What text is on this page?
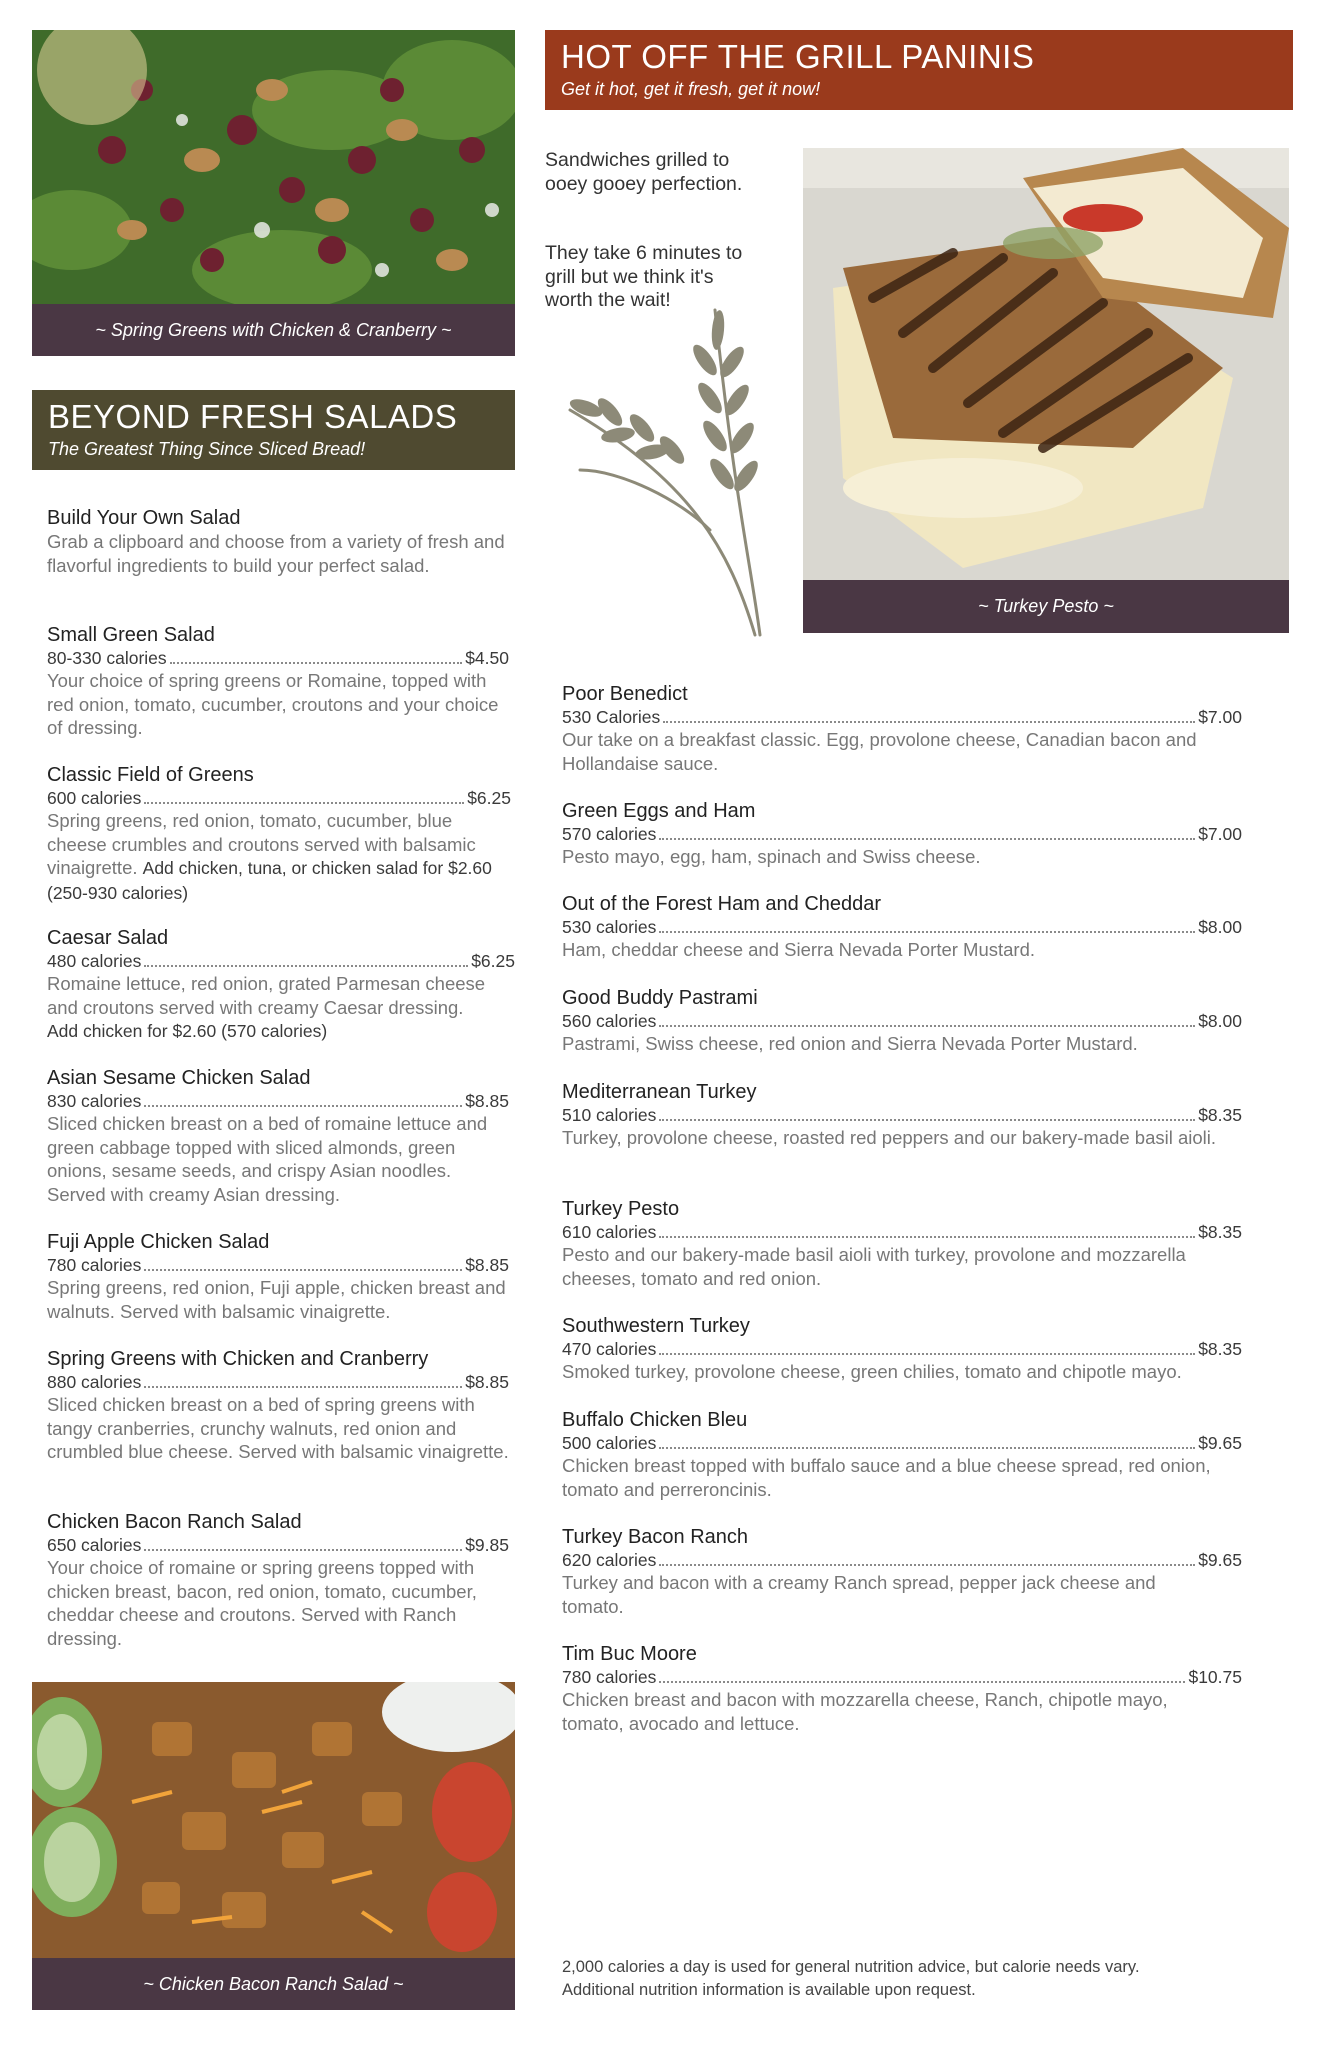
~ Spring Greens with Chicken & Cranberry ~
BEYOND FRESH SALADS
The Greatest Thing Since Sliced Bread!
Build Your Own Salad
Grab a clipboard and choose from a variety of fresh and flavorful ingredients to build your perfect salad.
Small Green Salad
80-330 calories	$4.50
Your choice of spring greens or Romaine, topped with red onion, tomato, cucumber, croutons and your choice of dressing.
Classic Field of Greens
600 calories	$6.25
Spring greens, red onion, tomato, cucumber, blue cheese crumbles and croutons served with balsamic vinaigrette. Add chicken, tuna, or chicken salad for $2.60 (250-930 calories)
Caesar Salad
480 calories	$6.25
Romaine lettuce, red onion, grated Parmesan cheese and croutons served with creamy Caesar dressing. Add chicken for $2.60 (570 calories)
Asian Sesame Chicken Salad
830 calories	$8.85
Sliced chicken breast on a bed of romaine lettuce and green cabbage topped with sliced almonds, green onions, sesame seeds, and crispy Asian noodles. Served with creamy Asian dressing.
Fuji Apple Chicken Salad
780 calories	$8.85
Spring greens, red onion, Fuji apple, chicken breast and walnuts. Served with balsamic vinaigrette.
Spring Greens with Chicken and Cranberry
880 calories	$8.85
Sliced chicken breast on a bed of spring greens with tangy cranberries, crunchy walnuts, red onion and crumbled blue cheese. Served with balsamic vinaigrette.
Chicken Bacon Ranch Salad
650 calories	$9.85
Your choice of romaine or spring greens topped with chicken breast, bacon, red onion, tomato, cucumber, cheddar cheese and croutons. Served with Ranch dressing.
~ Chicken Bacon Ranch Salad ~
HOT OFF THE GRILL PANINIS
Get it hot, get it fresh, get it now!
Sandwiches grilled to ooey gooey perfection.
They take 6 minutes to grill but we think it's worth the wait!
~ Turkey Pesto ~
Poor Benedict
530 Calories	$7.00
Our take on a breakfast classic. Egg, provolone cheese, Canadian bacon and Hollandaise sauce.
Green Eggs and Ham
570 calories	$7.00
Pesto mayo, egg, ham, spinach and Swiss cheese.
Out of the Forest Ham and Cheddar
530 calories	$8.00
Ham, cheddar cheese and Sierra Nevada Porter Mustard.
Good Buddy Pastrami
560 calories	$8.00
Pastrami, Swiss cheese, red onion and Sierra Nevada Porter Mustard.
Mediterranean Turkey
510 calories	$8.35
Turkey, provolone cheese, roasted red peppers and our bakery-made basil aioli.
Turkey Pesto
610 calories	$8.35
Pesto and our bakery-made basil aioli with turkey, provolone and mozzarella cheeses, tomato and red onion.
Southwestern Turkey
470 calories	$8.35
Smoked turkey, provolone cheese, green chilies, tomato and chipotle mayo.
Buffalo Chicken Bleu
500 calories	$9.65
Chicken breast topped with buffalo sauce and a blue cheese spread, red onion, tomato and perreroncinis.
Turkey Bacon Ranch
620 calories	$9.65
Turkey and bacon with a creamy Ranch spread, pepper jack cheese and tomato.
Tim Buc Moore
780 calories	$10.75
Chicken breast and bacon with mozzarella cheese, Ranch, chipotle mayo, tomato, avocado and lettuce.
2,000 calories a day is used for general nutrition advice, but calorie needs vary.
Additional nutrition information is available upon request.
